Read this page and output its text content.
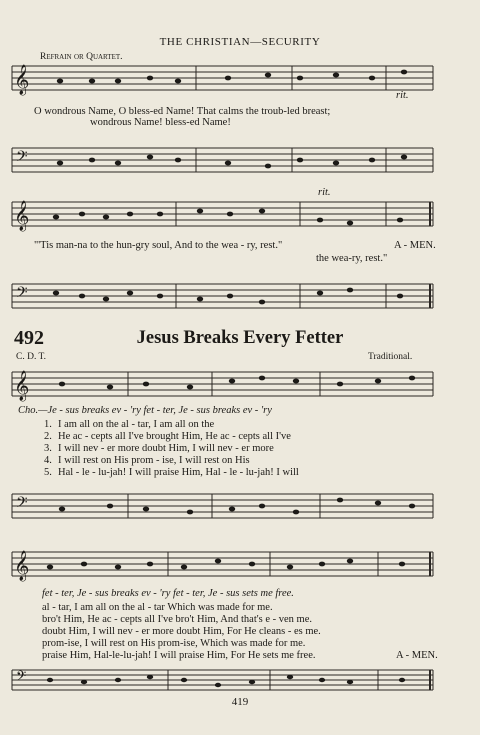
THE CHRISTIAN—SECURITY
Refrain or Quartet.
𝄞
rit.
O wondrous Name, O bless-ed Name! That calms the troub-led breast;
wondrous Name! bless-ed Name!
𝄢
rit.
𝄞
"'Tis man-na to the hun-gry soul, And to the wea - ry, rest."	A - MEN.
the wea-ry, rest."
𝄢
492	Jesus Breaks Every Fetter
C. D. T.	Traditional.
𝄞
Cho.—Je - sus breaks ev - 'ry fet - ter, Je - sus breaks ev - 'ry
1. I am all on the al - tar, I am all on the
2. He ac - cepts all I've brought Him, He ac - cepts all I've
3. I will nev - er more doubt Him, I will nev - er more
4. I will rest on His prom - ise, I will rest on His
5. Hal - le - lu-jah! I will praise Him, Hal - le - lu-jah! I will
𝄢
𝄞
fet - ter, Je - sus breaks ev - 'ry fet - ter, Je - sus sets me free.
al - tar, I am all on the al - tar Which was made for me.
bro't Him, He ac - cepts all I've bro't Him, And that's e - ven me.
doubt Him, I will nev - er more doubt Him, For He cleans - es me.
prom-ise, I will rest on His prom-ise, Which was made for me.
praise Him, Hal-le-lu-jah! I will praise Him, For He sets me free.	A - MEN.
𝄢
419
